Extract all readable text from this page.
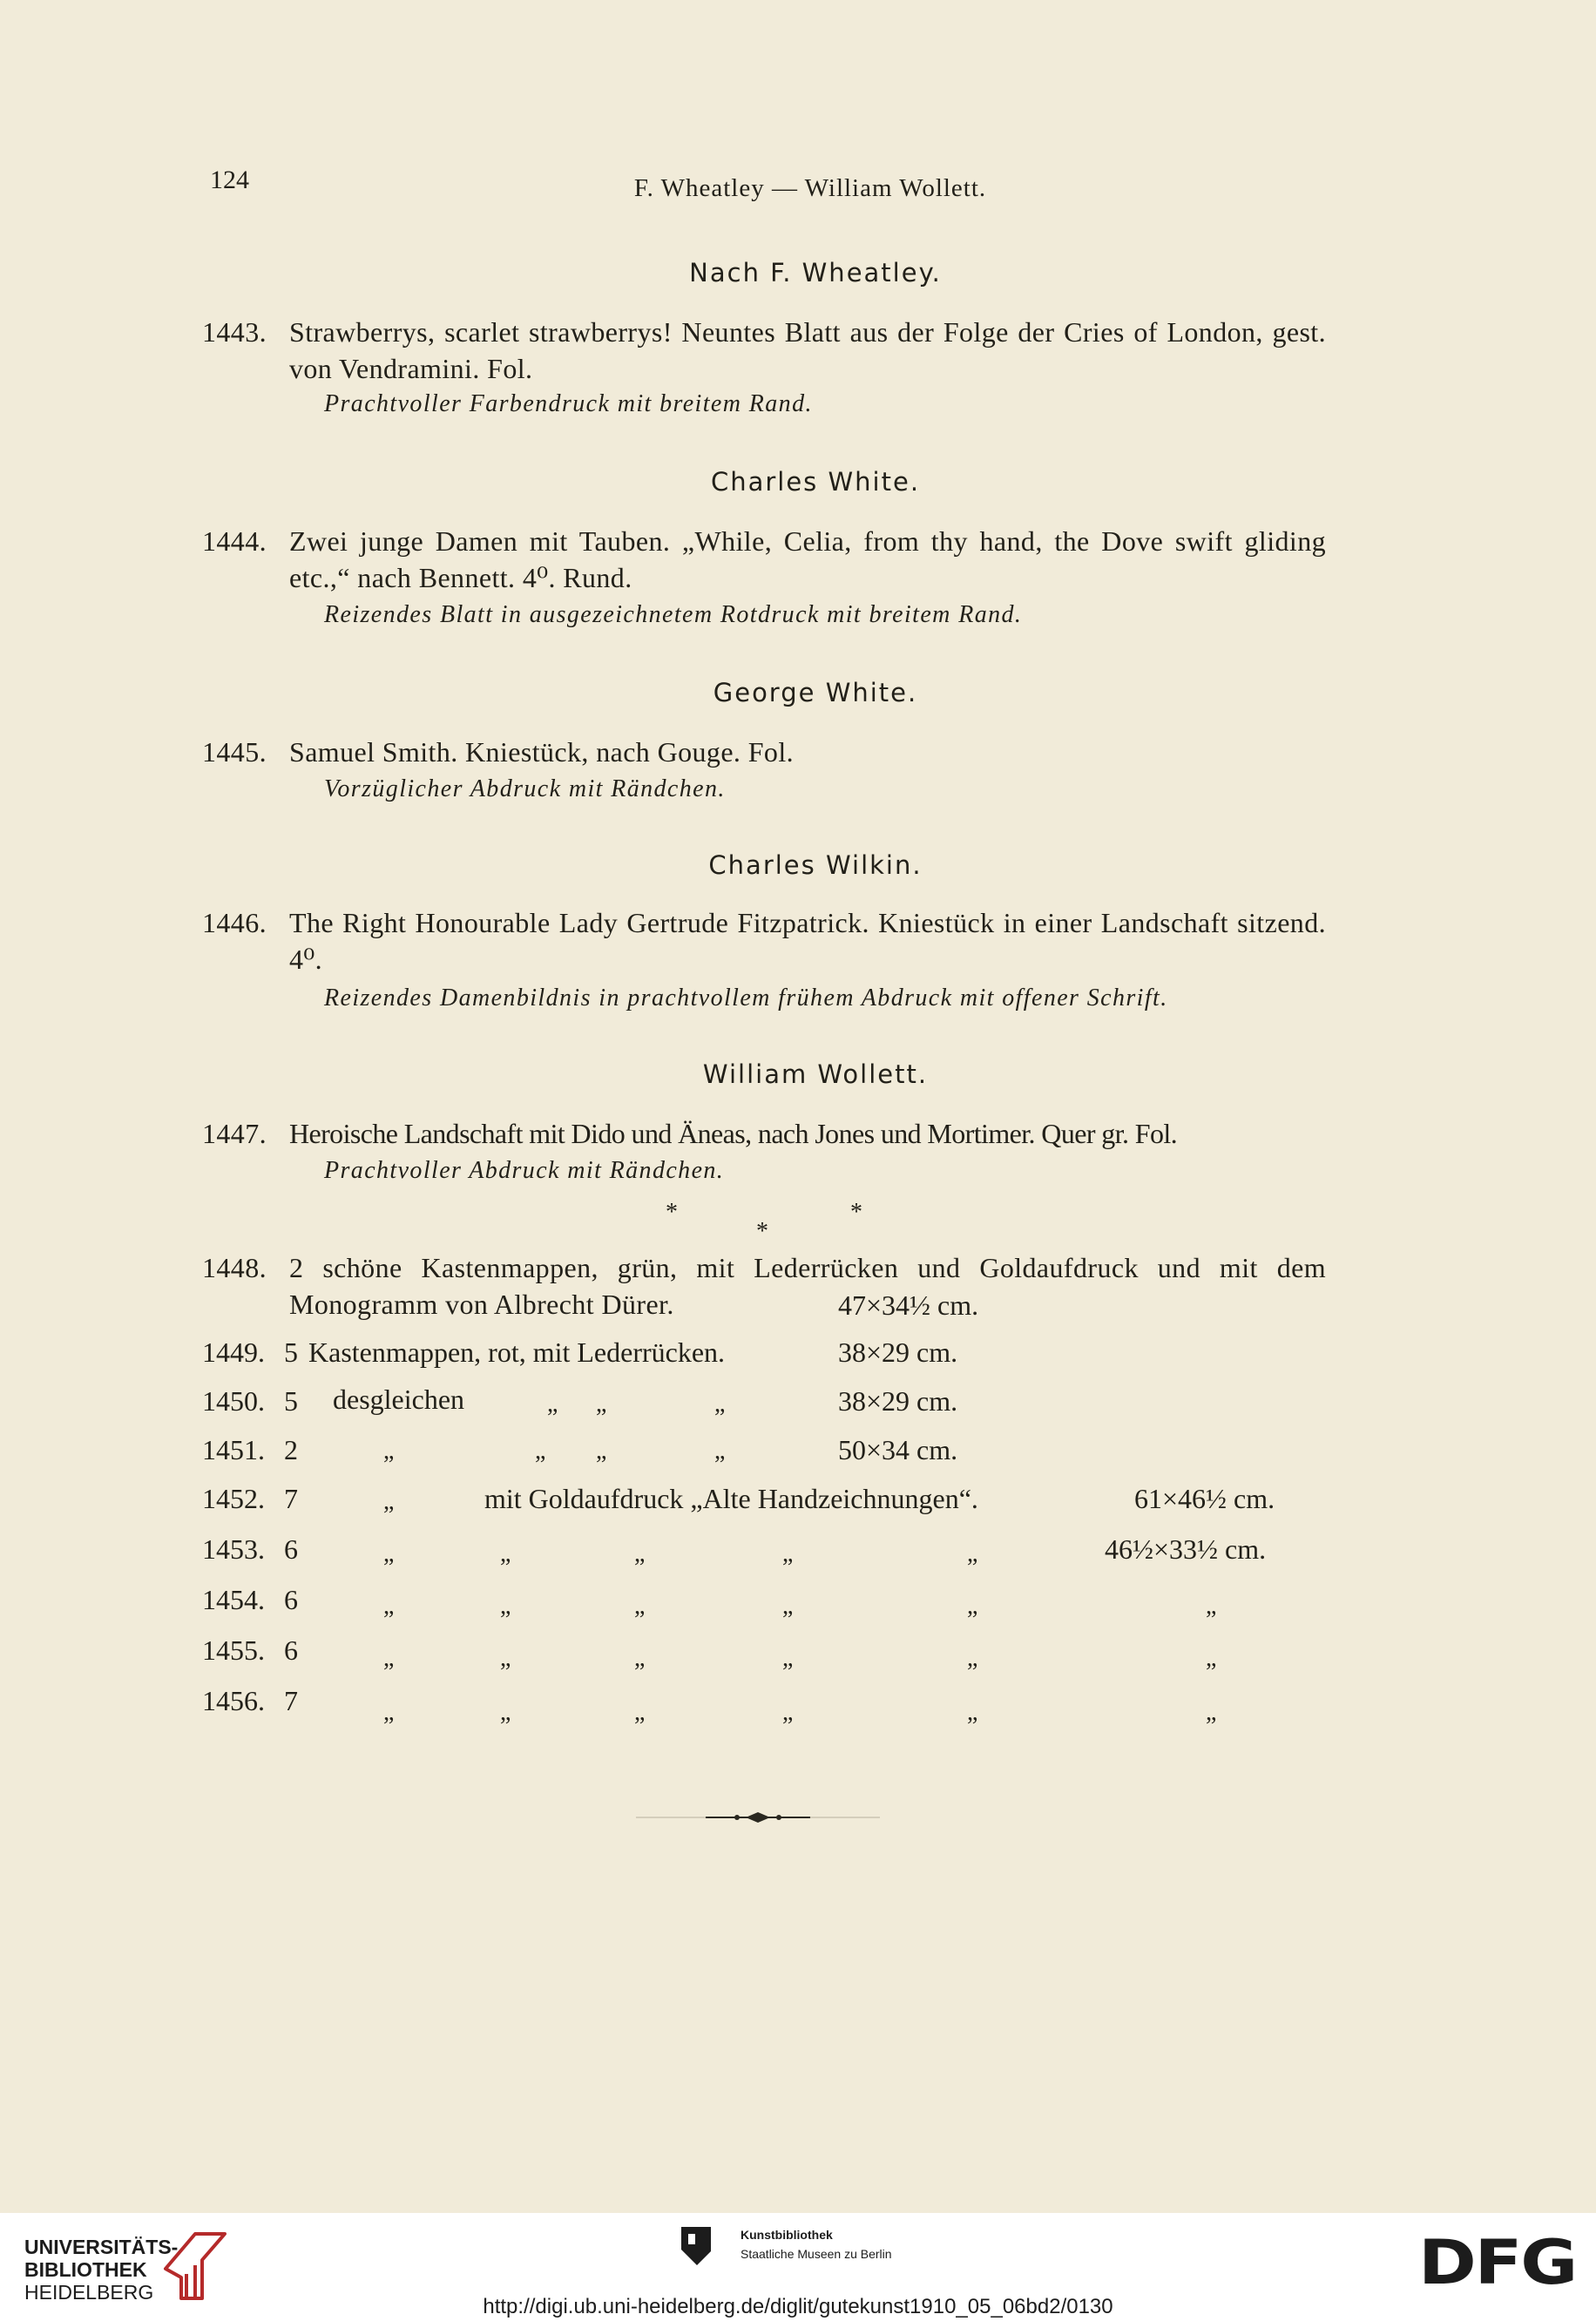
124	F. Wheatley — William Wollett.
Nach F. Wheatley.
1443. Strawberrys, scarlet strawberrys! Neuntes Blatt aus der Folge der Cries of London, gest. von Vendramini. Fol.
Prachtvoller Farbendruck mit breitem Rand.
Charles White.
1444. Zwei junge Damen mit Tauben. „While, Celia, from thy hand, the Dove swift gliding etc.,“ nach Bennett. 4⁰. Rund.
Reizendes Blatt in ausgezeichnetem Rotdruck mit breitem Rand.
George White.
1445. Samuel Smith. Kniestück, nach Gouge. Fol.
Vorzüglicher Abdruck mit Rändchen.
Charles Wilkin.
1446. The Right Honourable Lady Gertrude Fitzpatrick. Kniestück in einer Landschaft sitzend. 4⁰.
Reizendes Damenbildnis in prachtvollem frühem Abdruck mit offener Schrift.
William Wollett.
1447. Heroische Landschaft mit Dido und Äneas, nach Jones und Mortimer. Quer gr. Fol.
Prachtvoller Abdruck mit Rändchen.
*	*
*
1448. 2 schöne Kastenmappen, grün, mit Lederrücken und Goldaufdruck und mit dem Monogramm von Albrecht Dürer.	47×34½ cm.
1449. 5 Kastenmappen, rot, mit Lederrücken.	38×29 cm.
1450. 5 desgleichen	„ „	„	38×29 cm.
1451. 2	„	„ „	„	50×34 cm.
1452. 7	„	mit Goldaufdruck „Alte Handzeichnungen“.	61×46½ cm.
1453. 6	„	„	„	„	„	46½×33½ cm.
1454. 6	„	„	„	„	„	„
1455. 6	„	„	„	„	„	„
1456. 7	„	„	„	„	„	„
UNIVERSITÄTS-
BIBLIOTHEK
HEIDELBERG
Kunstbibliothek
Staatliche Museen zu Berlin	DFG
http://digi.ub.uni-heidelberg.de/diglit/gutekunst1910_05_06bd2/0130
